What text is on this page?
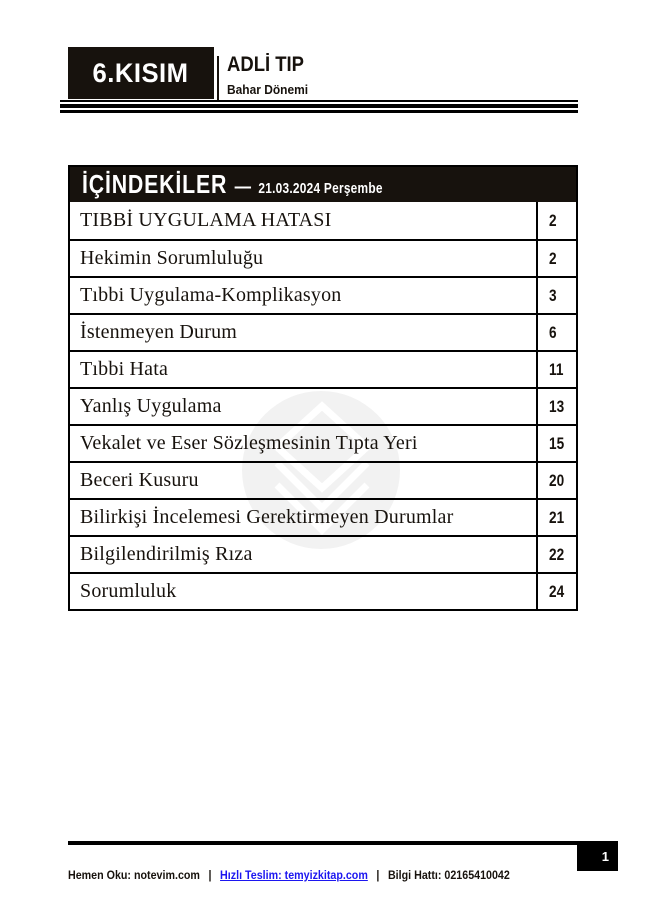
6.KISIM ADLİ TIP
Bahar Dönemi
İÇİNDEKİLER — 21.03.2024 Perşembe
TIBBİ UYGULAMA HATASI	2
Hekimin Sorumluluğu	2
Tıbbi Uygulama-Komplikasyon	3
İstenmeyen Durum	6
Tıbbi Hata	11
Yanlış Uygulama	13
Vekalet ve Eser Sözleşmesinin Tıpta Yeri	15
Beceri Kusuru	20
Bilirkişi İncelemesi Gerektirmeyen Durumlar	21
Bilgilendirilmiş Rıza	22
Sorumluluk	24
1
Hemen Oku: notevim.com | Hızlı Teslim: temyizkitap.com | Bilgi Hattı: 02165410042
